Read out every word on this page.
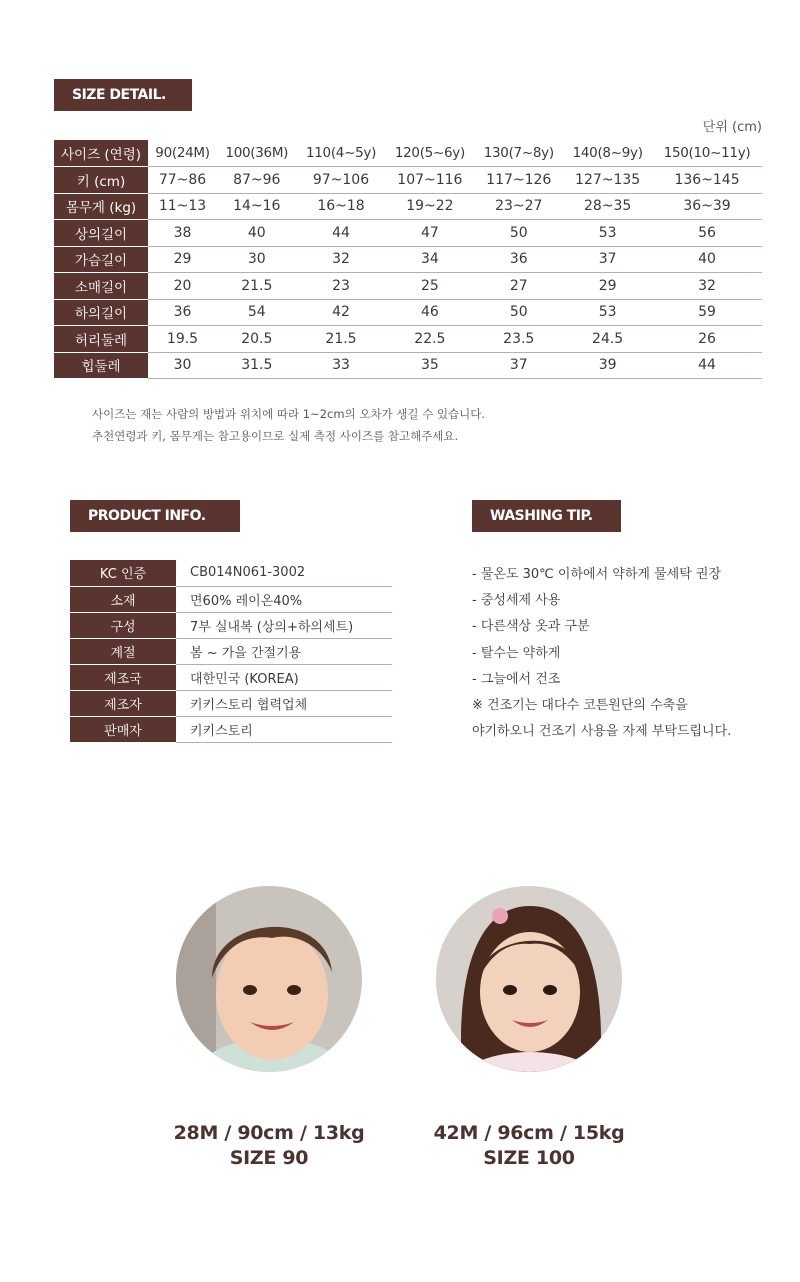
SIZE DETAIL.
단위 (cm)
사이즈 (연령)	90(24M)	100(36M)	110(4~5y)	120(5~6y)	130(7~8y)	140(8~9y)	150(10~11y)
키 (cm)	77~86	87~96	97~106	107~116	117~126	127~135	136~145
몸무게 (kg)	11~13	14~16	16~18	19~22	23~27	28~35	36~39
상의길이	38	40	44	47	50	53	56
가슴길이	29	30	32	34	36	37	40
소매길이	20	21.5	23	25	27	29	32
하의길이	36	54	42	46	50	53	59
허리둘레	19.5	20.5	21.5	22.5	23.5	24.5	26
힙둘레	30	31.5	33	35	37	39	44
사이즈는 재는 사람의 방법과 위치에 따라 1~2cm의 오차가 생길 수 있습니다.
추천연령과 키, 몸무게는 참고용이므로 실제 측정 사이즈를 참고해주세요.
PRODUCT INFO.
KC 인증	CB014N061-3002
소재	면60% 레이온40%
구성	7부 실내복 (상의+하의세트)
계절	봄 ~ 가을 간절기용
제조국	대한민국 (KOREA)
제조자	키키스토리 협력업체
판매자	키키스토리
WASHING TIP.
- 물온도 30℃ 이하에서 약하게 물세탁 권장
- 중성세제 사용
- 다른색상 옷과 구분
- 탈수는 약하게
- 그늘에서 건조
※ 건조기는 대다수 코튼원단의 수축을
야기하오니 건조기 사용을 자제 부탁드립니다.
28M / 90cm / 13kg
SIZE 90
42M / 96cm / 15kg
SIZE 100
